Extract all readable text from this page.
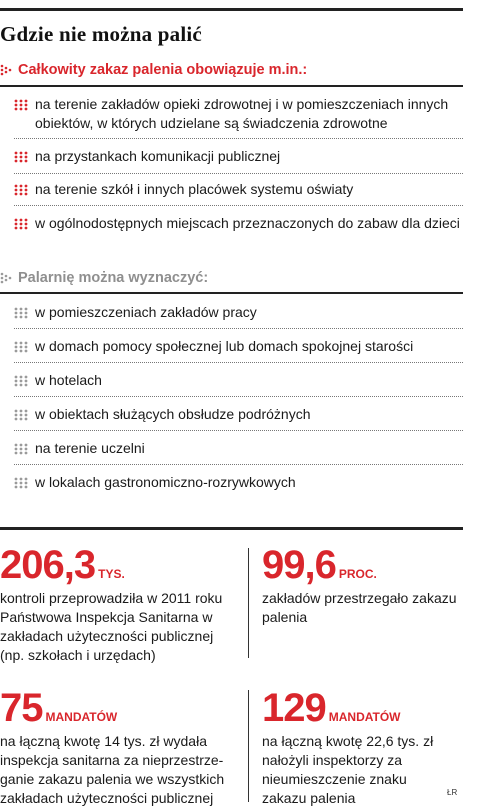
Gdzie nie można palić
Całkowity zakaz palenia obowiązuje m.in.:
na terenie zakładów opieki zdrowotnej i w pomieszczeniach innych obiektów, w których udzielane są świadczenia zdrowotne
na przystankach komunikacji publicznej
na terenie szkół i innych placówek systemu oświaty
w ogólnodostępnych miejscach przeznaczonych do zabaw dla dzieci
Palarnię można wyznaczyć:
w pomieszczeniach zakładów pracy
w domach pomocy społecznej lub domach spokojnej starości
w hotelach
w obiektach służących obsłudze podróżnych
na terenie uczelni
w lokalach gastronomiczno-rozrywkowych
206,3 TYS.
kontroli przeprowadziła w 2011 roku Państwowa Inspekcja Sanitarna w zakładach użyteczności publicznej (np. szkołach i urzędach)
99,6 PROC.
zakładów przestrzegało zakazu palenia
75 MANDATÓW
na łączną kwotę 14 tys. zł wydała inspekcja sanitarna za nieprzestrze-ganie zakazu palenia we wszystkich zakładach użyteczności publicznej
129 MANDATÓW
na łączną kwotę 22,6 tys. zł nałożyli inspektorzy za nieumieszczenie znaku zakazu palenia	ŁR
